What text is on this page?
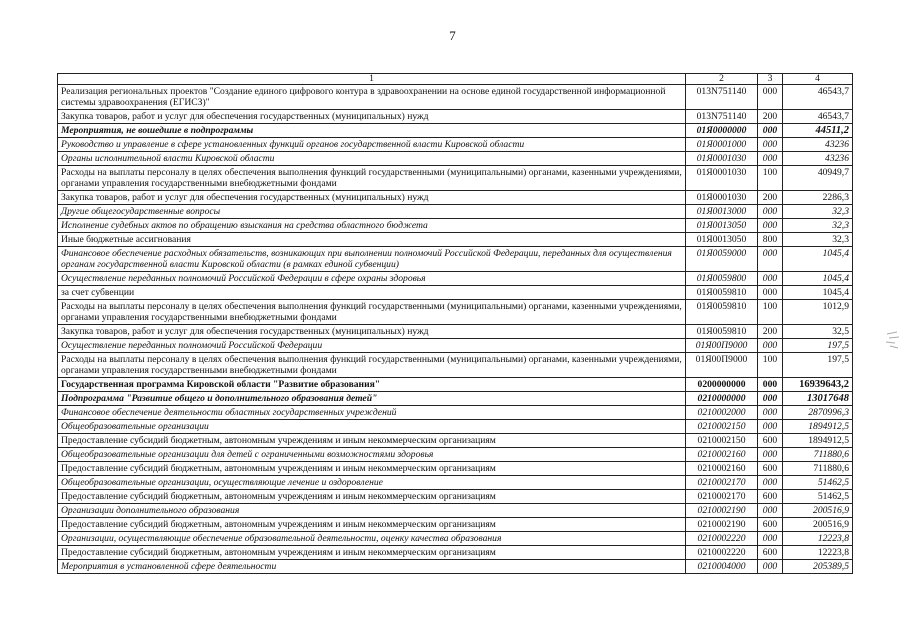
7
1	2	3	4
Реализация региональных проектов "Создание единого цифрового контура в здравоохранении на основе единой государственной информационной системы здравоохранения (ЕГИСЗ)"	013N751140	000	46543,7
Закупка товаров, работ и услуг для обеспечения государственных (муниципальных) нужд	013N751140	200	46543,7
Мероприятия, не вошедшие в подпрограммы	01Я0000000	000	44511,2
Руководство и управление в сфере установленных функций органов государственной власти Кировской области	01Я0001000	000	43236
Органы исполнительной власти Кировской области	01Я0001030	000	43236
Расходы на выплаты персоналу в целях обеспечения выполнения функций государственными (муниципальными) органами, казенными учреждениями, органами управления государственными внебюджетными фондами	01Я0001030	100	40949,7
Закупка товаров, работ и услуг для обеспечения государственных (муниципальных) нужд	01Я0001030	200	2286,3
Другие общегосударственные вопросы	01Я0013000	000	32,3
Исполнение судебных актов по обращению взыскания на средства областного бюджета	01Я0013050	000	32,3
Иные бюджетные ассигнования	01Я0013050	800	32,3
Финансовое обеспечение расходных обязательств, возникающих при выполнении полномочий Российской Федерации, переданных для осуществления органам государственной власти Кировской области (в рамках единой субвенции)	01Я0059000	000	1045,4
Осуществление переданных полномочий Российской Федерации в сфере охраны здоровья	01Я0059800	000	1045,4
за счет субвенции	01Я0059810	000	1045,4
Расходы на выплаты персоналу в целях обеспечения выполнения функций государственными (муниципальными) органами, казенными учреждениями, органами управления государственными внебюджетными фондами	01Я0059810	100	1012,9
Закупка товаров, работ и услуг для обеспечения государственных (муниципальных) нужд	01Я0059810	200	32,5
Осуществление переданных полномочий Российской Федерации	01Я00П9000	000	197,5
Расходы на выплаты персоналу в целях обеспечения выполнения функций государственными (муниципальными) органами, казенными учреждениями, органами управления государственными внебюджетными фондами	01Я00П9000	100	197,5
Государственная программа Кировской области "Развитие образования"	0200000000	000	16939643,2
Подпрограмма "Развитие общего и дополнительного образования детей"	0210000000	000	13017648
Финансовое обеспечение деятельности областных государственных учреждений	0210002000	000	2870996,3
Общеобразовательные организации	0210002150	000	1894912,5
Предоставление субсидий бюджетным, автономным учреждениям и иным некоммерческим организациям	0210002150	600	1894912,5
Общеобразовательные организации для детей с ограниченными возможностями здоровья	0210002160	000	711880,6
Предоставление субсидий бюджетным, автономным учреждениям и иным некоммерческим организациям	0210002160	600	711880,6
Общеобразовательные организации, осуществляющие лечение и оздоровление	0210002170	000	51462,5
Предоставление субсидий бюджетным, автономным учреждениям и иным некоммерческим организациям	0210002170	600	51462,5
Организации дополнительного образования	0210002190	000	200516,9
Предоставление субсидий бюджетным, автономным учреждениям и иным некоммерческим организациям	0210002190	600	200516,9
Организации, осуществляющие обеспечение образовательной деятельности, оценку качества образования	0210002220	000	12223,8
Предоставление субсидий бюджетным, автономным учреждениям и иным некоммерческим организациям	0210002220	600	12223,8
Мероприятия в установленной сфере деятельности	0210004000	000	205389,5
